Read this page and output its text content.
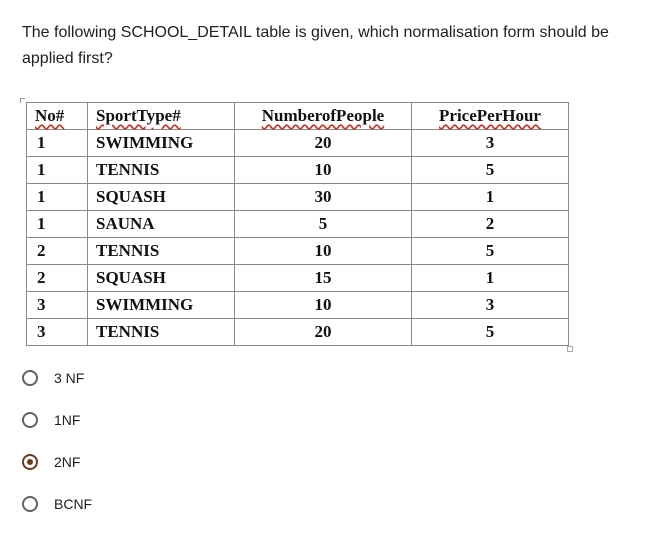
The following SCHOOL_DETAIL table is given, which normalisation form should be applied first?
No#	SportType#	NumberofPeople	PricePerHour
1	SWIMMING	20	3
1	TENNIS	10	5
1	SQUASH	30	1
1	SAUNA	5	2
2	TENNIS	10	5
2	SQUASH	15	1
3	SWIMMING	10	3
3	TENNIS	20	5
3 NF
1NF
2NF
BCNF
